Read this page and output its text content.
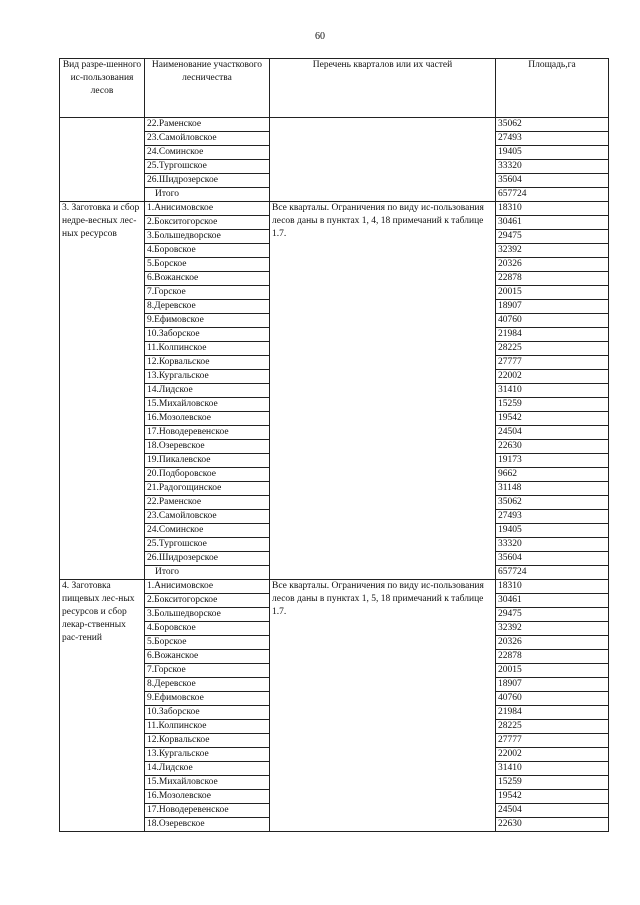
60
Вид разре-шенного ис-пользования лесов	Наименование участкового лесничества	Перечень кварталов или их частей	Площадь,га
	22.Раменское		35062
	23.Самойловское		27493
	24.Соминское		19405
	25.Тургошское		33320
	26.Шидрозерское		35604
	Итого		657724
3. Заготовка и сбор недре-весных лес-ных ресурсов	1.Анисимовское	Все кварталы. Ограничения по виду ис-пользования лесов даны в пунктах 1, 4, 18 примечаний к таблице 1.7.	18310
	2.Бокситогорское		30461
	3.Большедворское		29475
	4.Боровское		32392
	5.Борское		20326
	6.Вожанское		22878
	7.Горское		20015
	8.Деревское		18907
	9.Ефимовское		40760
	10.Заборское		21984
	11.Колпинское		28225
	12.Корвальское		27777
	13.Кургальское		22002
	14.Лидское		31410
	15.Михайловское		15259
	16.Мозолевское		19542
	17.Новодеревенское		24504
	18.Озеревское		22630
	19.Пикалевское		19173
	20.Подборовское		9662
	21.Радогощинское		31148
	22.Раменское		35062
	23.Самойловское		27493
	24.Соминское		19405
	25.Тургошское		33320
	26.Шидрозерское		35604
	Итого		657724
4. Заготовка пищевых лес-ных ресурсов и сбор лекар-ственных рас-тений	1.Анисимовское	Все кварталы. Ограничения по виду ис-пользования лесов даны в пунктах 1, 5, 18 примечаний к таблице 1.7.	18310
	2.Бокситогорское		30461
	3.Большедворское		29475
	4.Боровское		32392
	5.Борское		20326
	6.Вожанское		22878
	7.Горское		20015
	8.Деревское		18907
	9.Ефимовское		40760
	10.Заборское		21984
	11.Колпинское		28225
	12.Корвальское		27777
	13.Кургальское		22002
	14.Лидское		31410
	15.Михайловское		15259
	16.Мозолевское		19542
	17.Новодеревенское		24504
	18.Озеревское		22630
